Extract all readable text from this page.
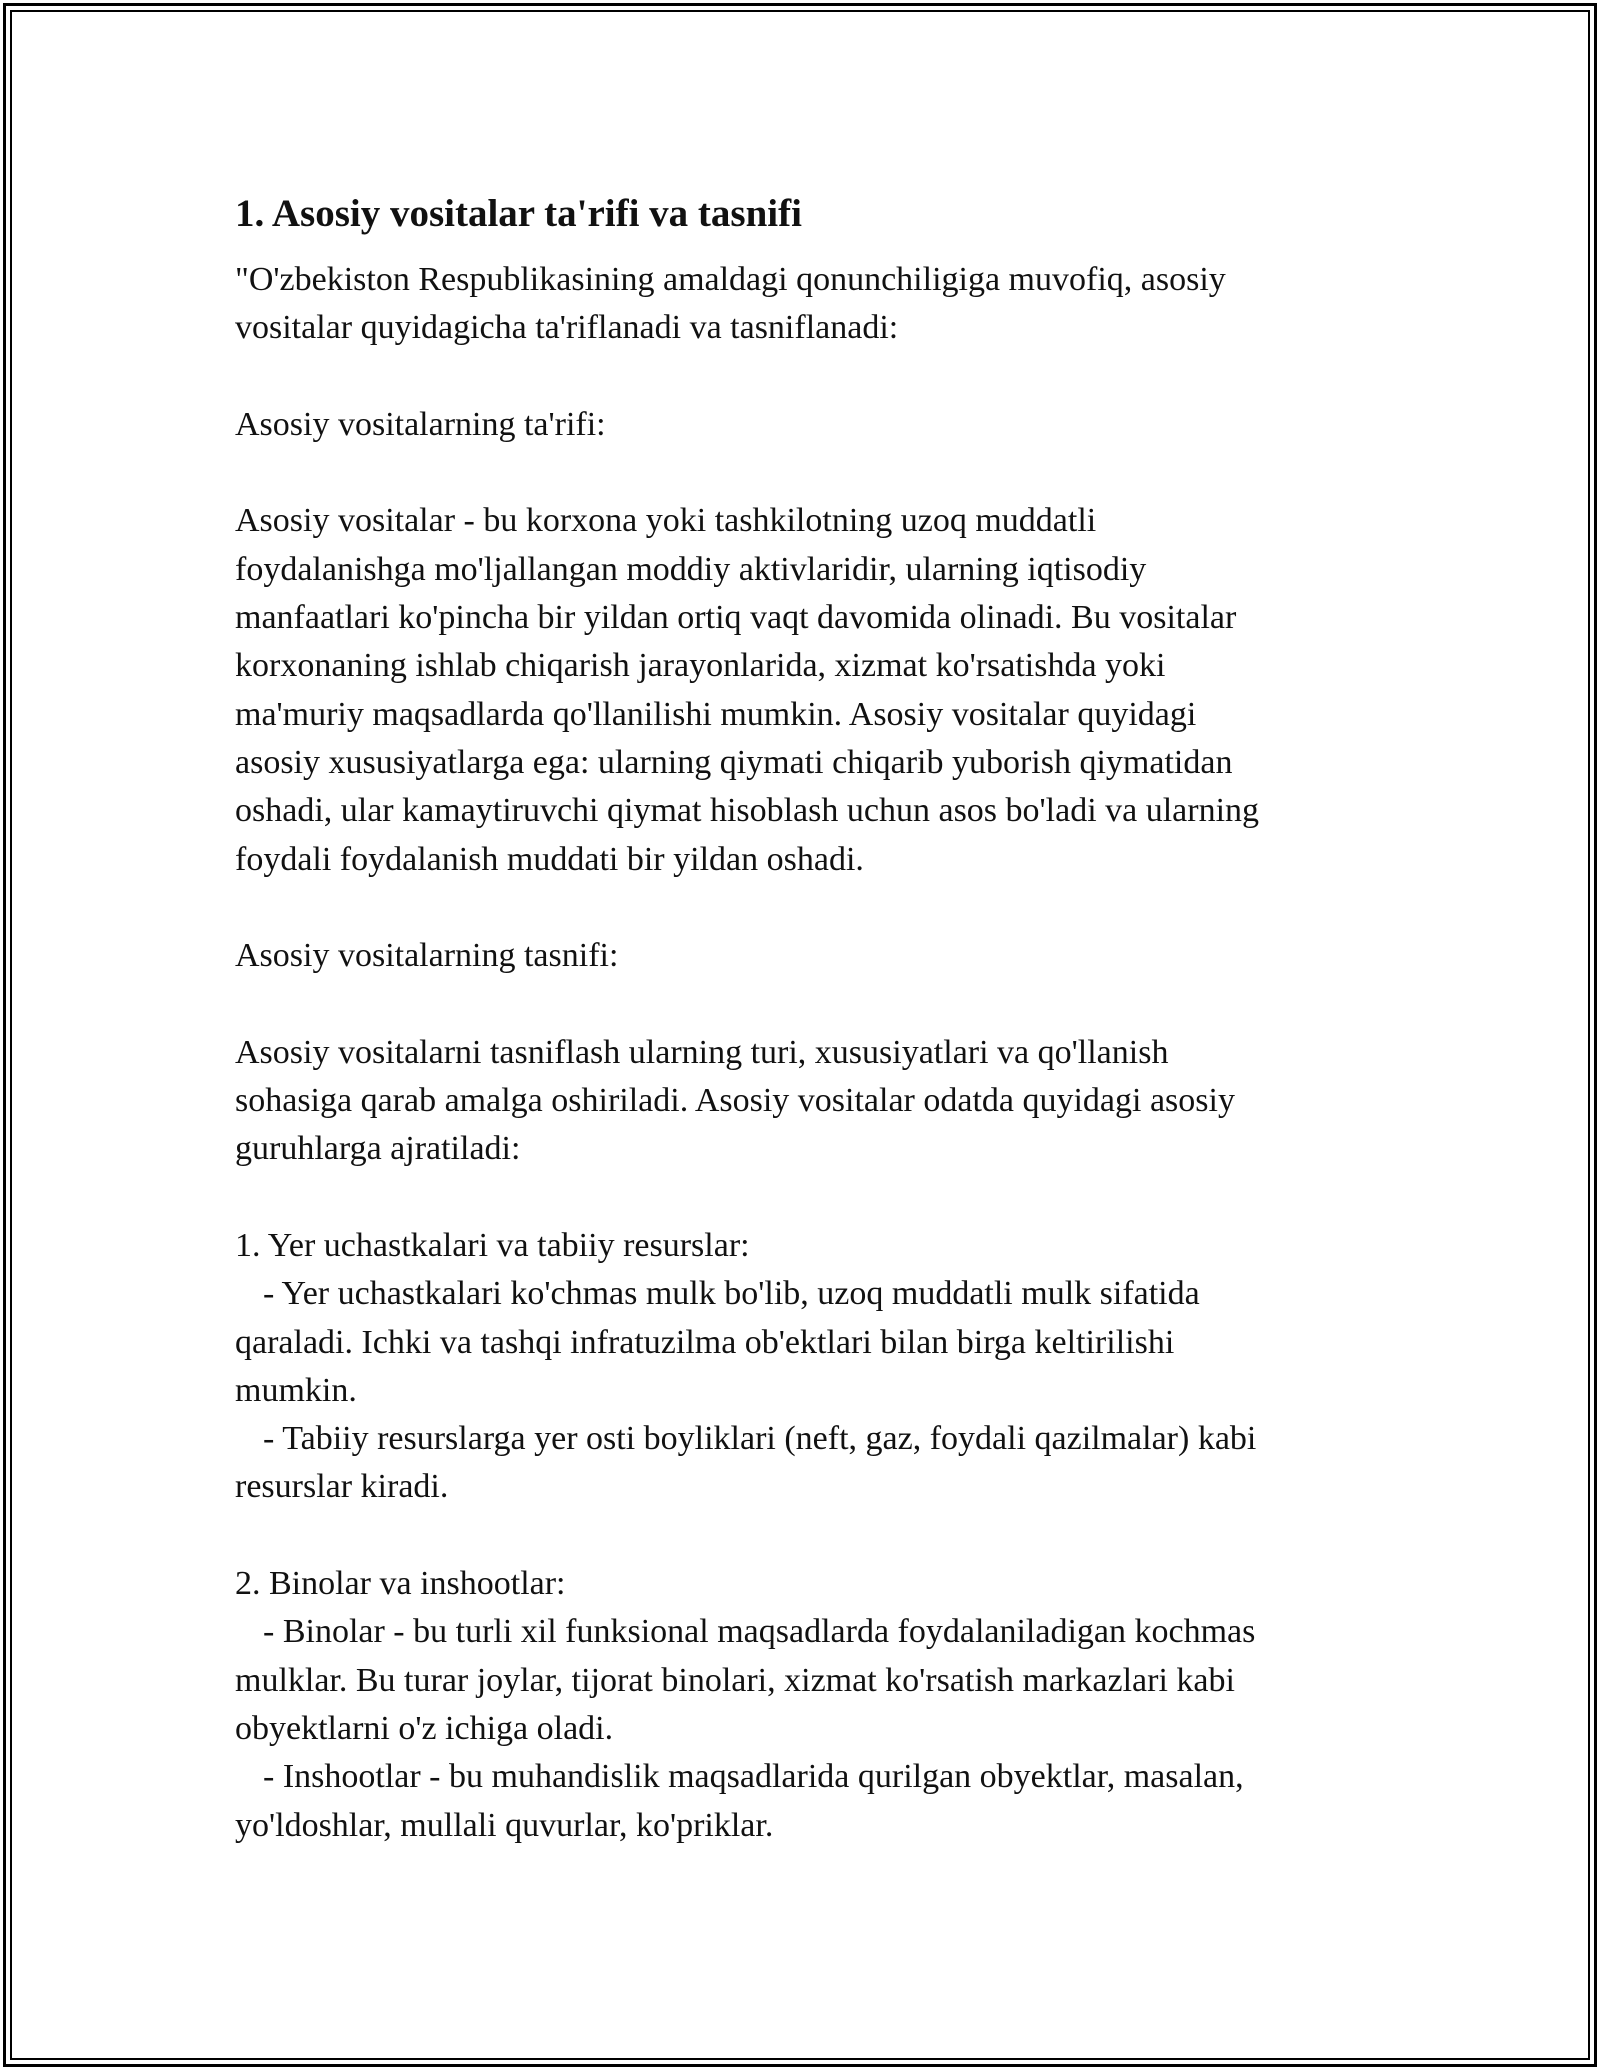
1. Asosiy vositalar ta'rifi va tasnifi
"O'zbekiston Respublikasining amaldagi qonunchiligiga muvofiq, asosiy
vositalar quyidagicha ta'riflanadi va tasniflanadi:
Asosiy vositalarning ta'rifi:
Asosiy vositalar - bu korxona yoki tashkilotning uzoq muddatli
foydalanishga mo'ljallangan moddiy aktivlaridir, ularning iqtisodiy
manfaatlari ko'pincha bir yildan ortiq vaqt davomida olinadi. Bu vositalar
korxonaning ishlab chiqarish jarayonlarida, xizmat ko'rsatishda yoki
ma'muriy maqsadlarda qo'llanilishi mumkin. Asosiy vositalar quyidagi
asosiy xususiyatlarga ega: ularning qiymati chiqarib yuborish qiymatidan
oshadi, ular kamaytiruvchi qiymat hisoblash uchun asos bo'ladi va ularning
foydali foydalanish muddati bir yildan oshadi.
Asosiy vositalarning tasnifi:
Asosiy vositalarni tasniflash ularning turi, xususiyatlari va qo'llanish
sohasiga qarab amalga oshiriladi. Asosiy vositalar odatda quyidagi asosiy
guruhlarga ajratiladi:
1. Yer uchastkalari va tabiiy resurslar:
- Yer uchastkalari ko'chmas mulk bo'lib, uzoq muddatli mulk sifatida
qaraladi. Ichki va tashqi infratuzilma ob'ektlari bilan birga keltirilishi
mumkin.
- Tabiiy resurslarga yer osti boyliklari (neft, gaz, foydali qazilmalar) kabi
resurslar kiradi.
2. Binolar va inshootlar:
- Binolar - bu turli xil funksional maqsadlarda foydalaniladigan kochmas
mulklar. Bu turar joylar, tijorat binolari, xizmat ko'rsatish markazlari kabi
obyektlarni o'z ichiga oladi.
- Inshootlar - bu muhandislik maqsadlarida qurilgan obyektlar, masalan,
yo'ldoshlar, mullali quvurlar, ko'priklar.
